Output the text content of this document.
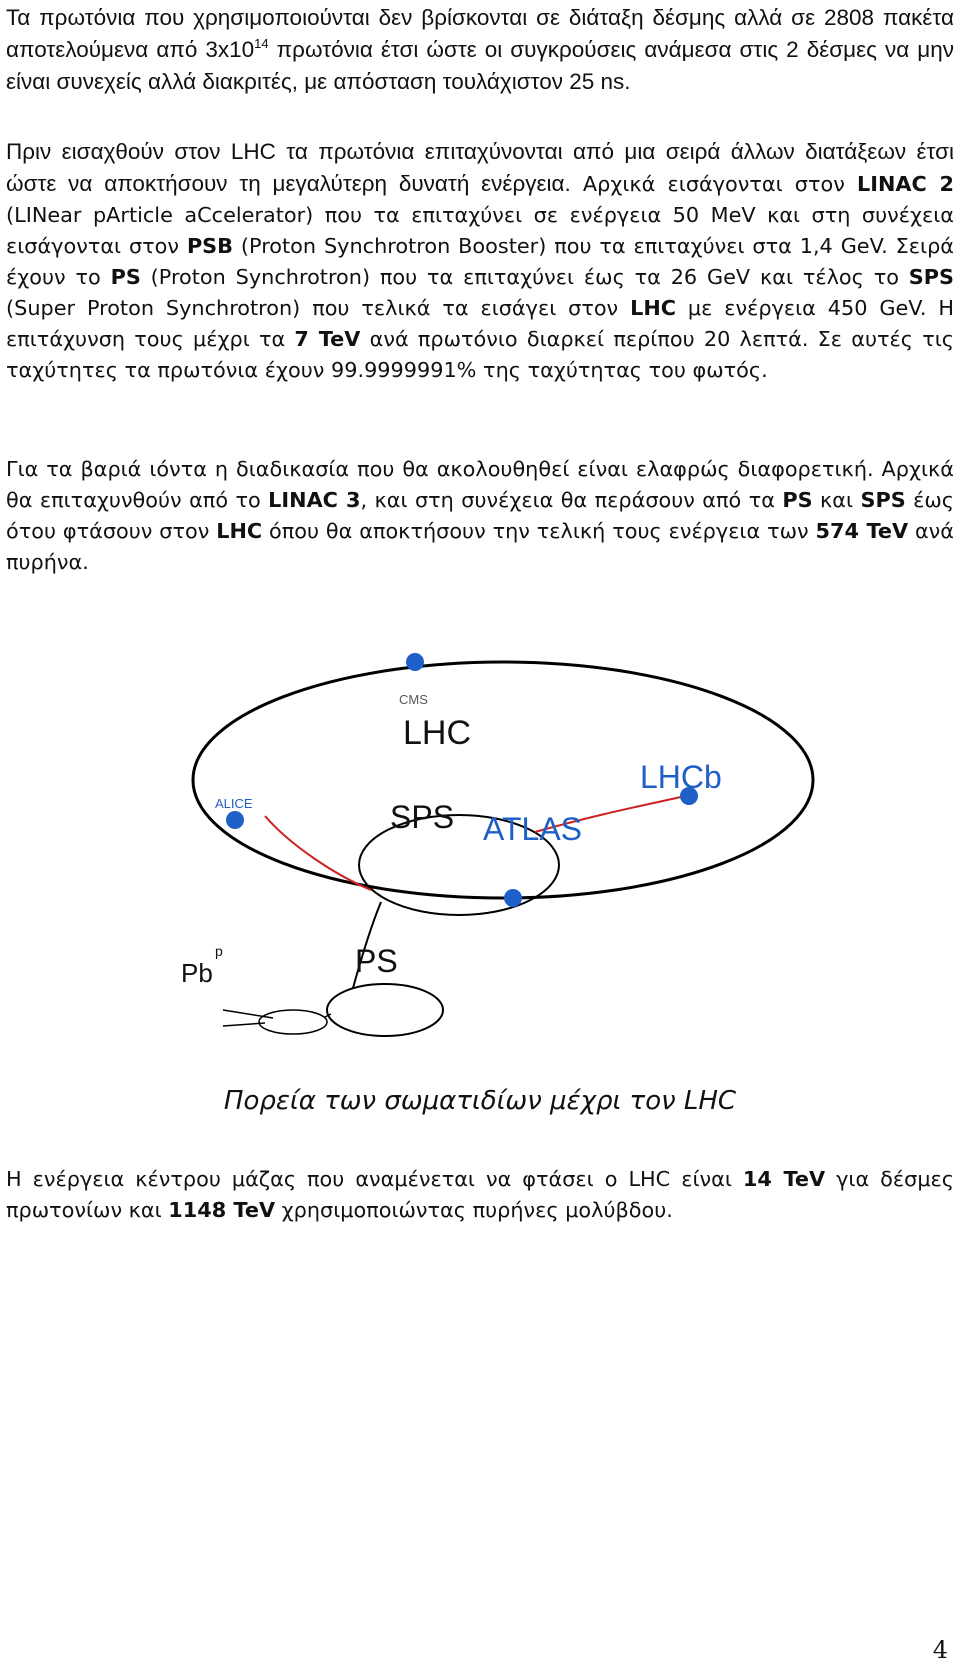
Τα πρωτόνια που χρησιμοποιούνται δεν βρίσκονται σε διάταξη δέσμης αλλά σε 2808 πακέτα αποτελούμενα από $3x10^{14}$ πρωτόνια έτσι ώστε οι συγκρούσεις ανάμεσα στις 2 δέσμες να μην είναι συνεχείς αλλά διακριτές, με απόσταση τουλάχιστον 25 ns.

Πριν εισαχθούν στον LHC τα πρωτόνια επιταχύνονται από μια σειρά άλλων διατάξεων έτσι ώστε να αποκτήσουν τη μεγαλύτερη δυνατή ενέργεια. Αρχικά εισάγονται στον LINAC 2 (LINear pArticle aCcelerator) που τα επιταχύνει σε ενέργεια 50 MeV και στη συνέχεια εισάγονται στον PSB (Proton Synchrotron Booster) που τα επιταχύνει στα 1,4 GeV. Σειρά έχουν το PS (Proton Synchrotron) που τα επιταχύνει έως τα 26 GeV και τέλος το SPS (Super Proton Synchrotron) που τελικά τα εισάγει στον LHC με ενέργεια 450 GeV. Η επιτάχυνση τους μέχρι τα 7 TeV ανά πρωτόνιο διαρκεί περίπου 20 λεπτά. Σε αυτές τις ταχύτητες τα πρωτόνια έχουν 99.9999991% της ταχύτητας του φωτός.

Για τα βαριά ιόντα η διαδικασία που θα ακολουθηθεί είναι ελαφρώς διαφορετική. Αρχικά θα επιταχυνθούν από το LINAC 3, και στη συνέχεια θα περάσουν από τα PS και SPS έως ότου φτάσουν στον LHC όπου θα αποκτήσουν την τελική τους ενέργεια των 574 TeV ανά πυρήνα.

CMS
LHC
LHCb
ALICE	SPS ATLAS
PS
Pb
p
Πορεία των σωματιδίων μέχρι τον LHC

Η ενέργεια κέντρου μάζας που αναμένεται να φτάσει ο LHC είναι 14 TeV για δέσμες πρωτονίων και 1148 TeV χρησιμοποιώντας πυρήνες μολύβδου.

4
